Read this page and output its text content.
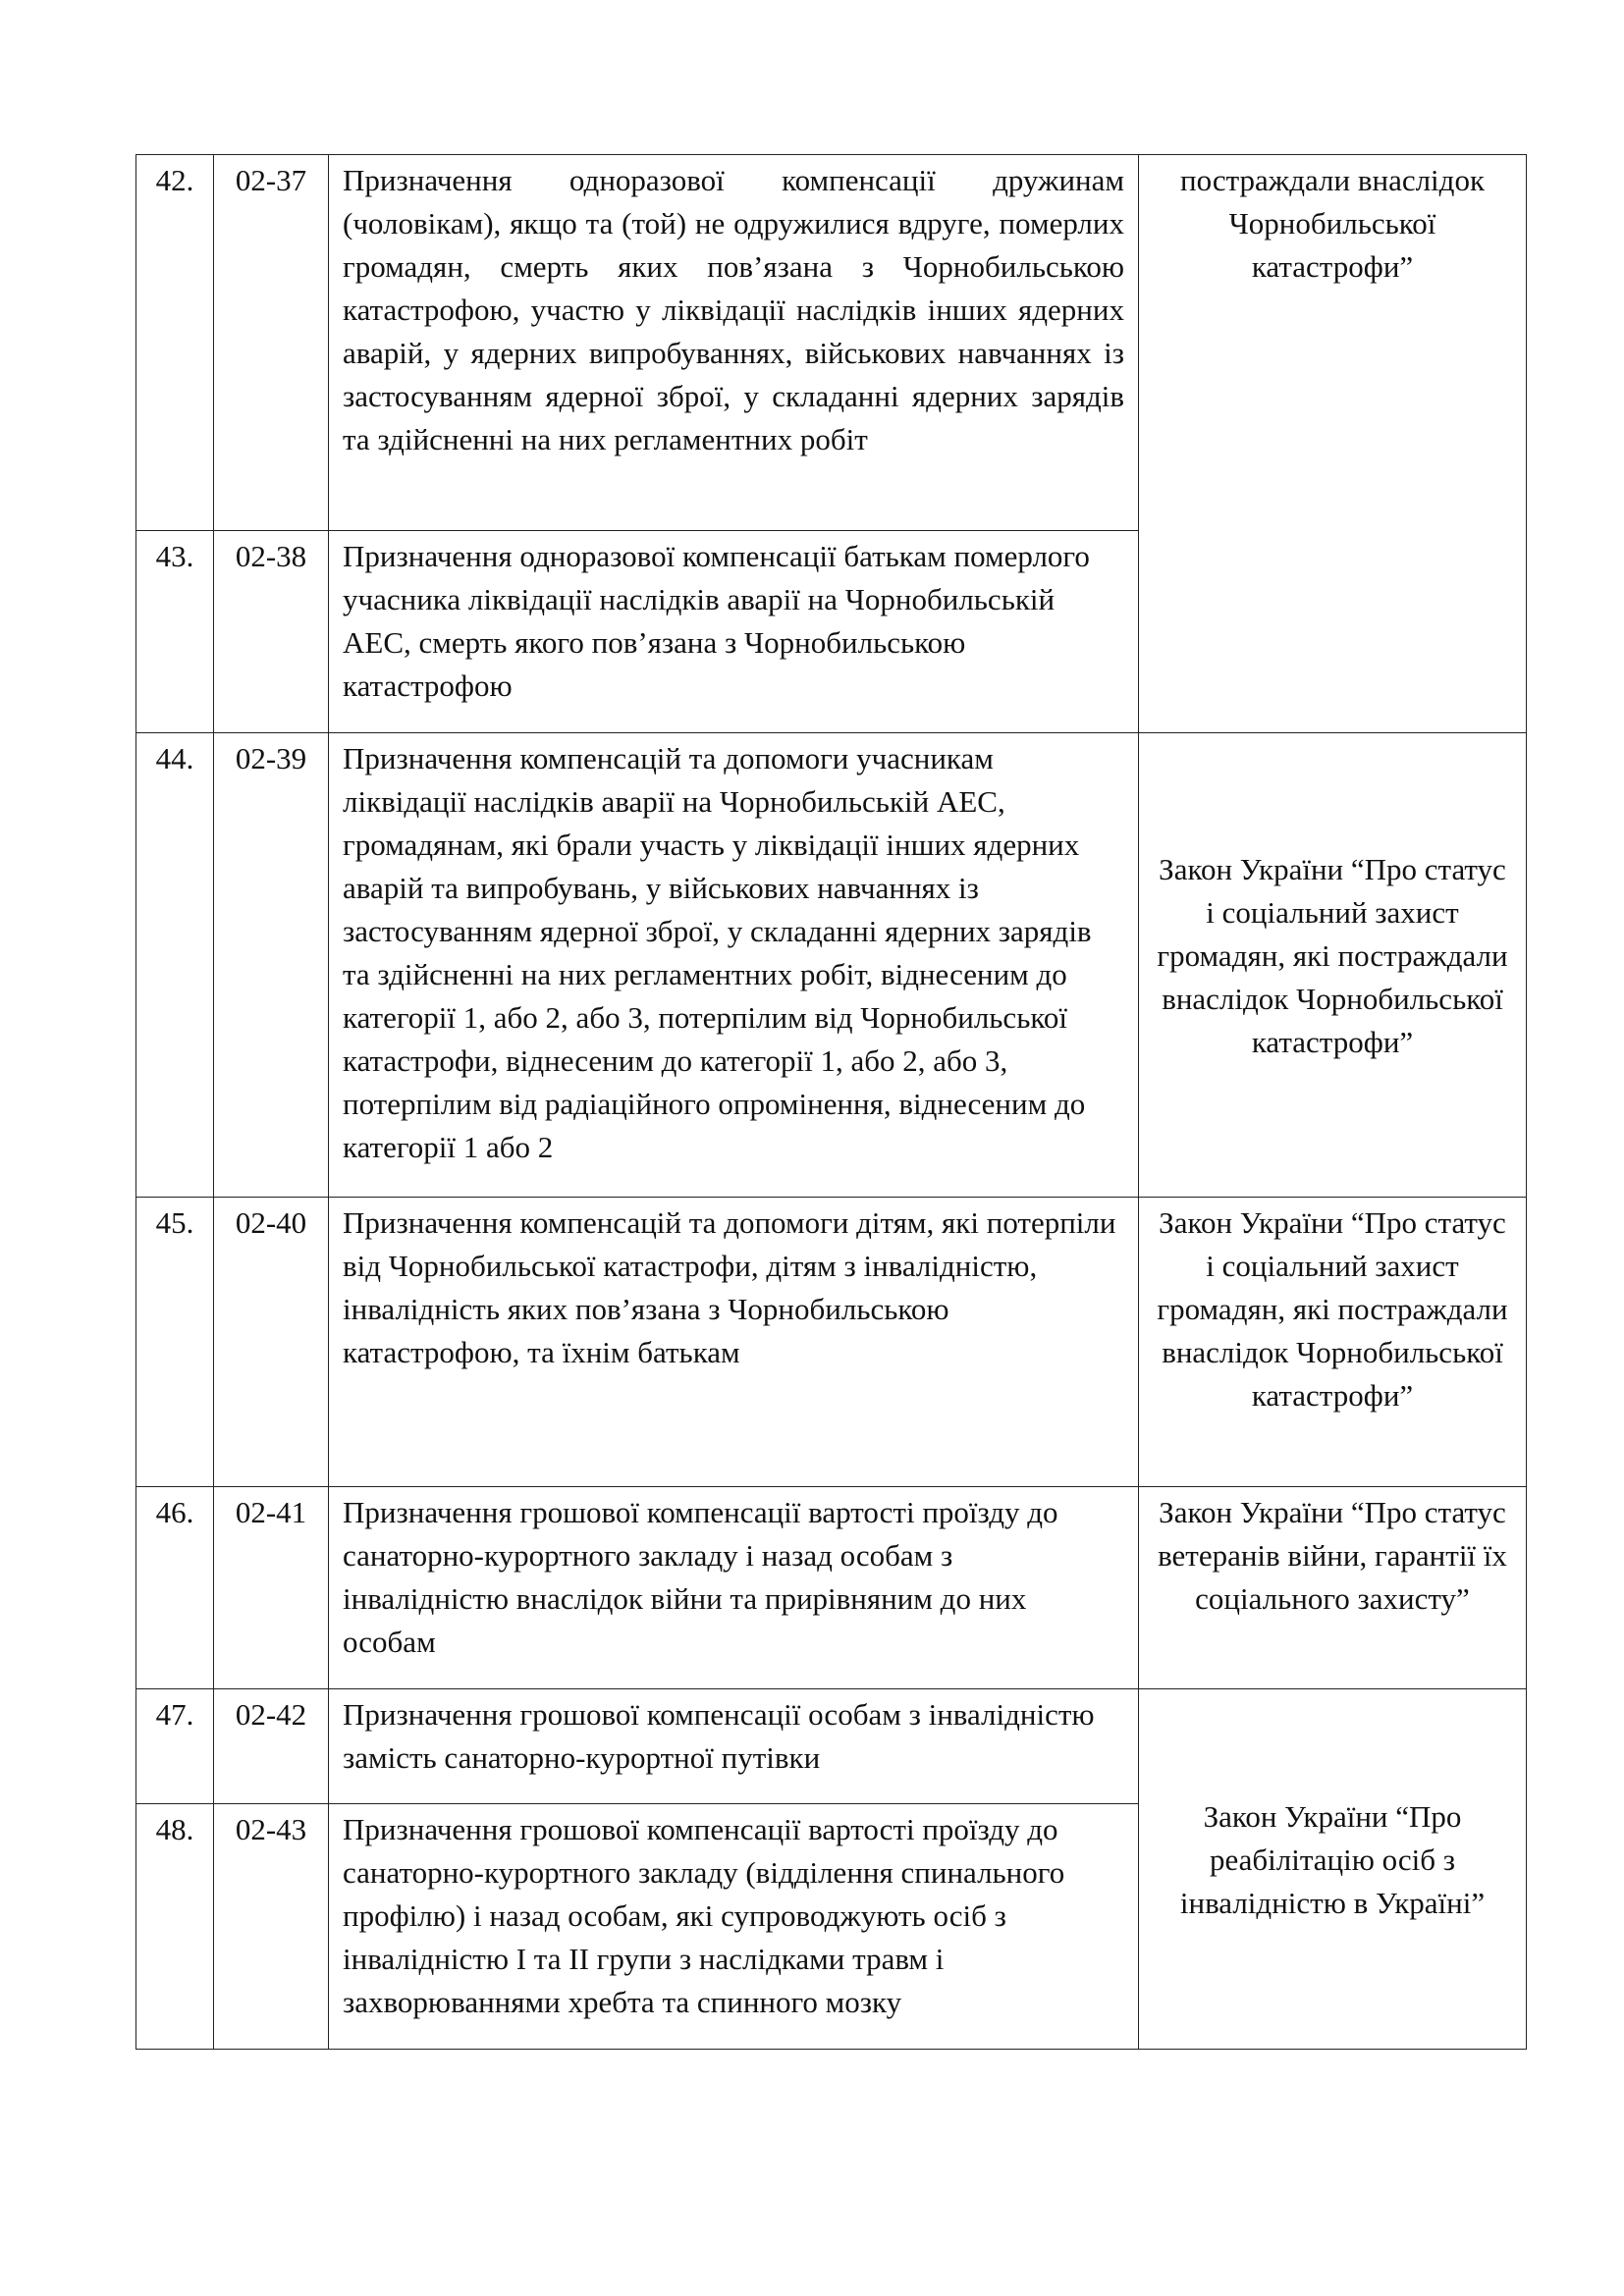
42.	02-37	Призначення одноразової компенсації дружинам (чоловікам), якщо та (той) не одружилися вдруге, померлих громадян, смерть яких пов’язана з Чорнобильською катастрофою, участю у ліквідації наслідків інших ядерних аварій, у ядерних випробуваннях, військових навчаннях із застосуванням ядерної зброї, у складанні ядерних зарядів та здійсненні на них регламентних робіт	постраждали внаслідок Чорнобильської катастрофи”
43.	02-38	Призначення одноразової компенсації батькам померлого учасника ліквідації наслідків аварії на Чорнобильській АЕС, смерть якого пов’язана з Чорнобильською катастрофою	
44.	02-39	Призначення компенсацій та допомоги учасникам ліквідації наслідків аварії на Чорнобильській АЕС, громадянам, які брали участь у ліквідації інших ядерних аварій та випробувань, у військових навчаннях із застосуванням ядерної зброї, у складанні ядерних зарядів та здійсненні на них регламентних робіт, віднесеним до категорії 1, або 2, або 3, потерпілим від Чорнобильської катастрофи, віднесеним до категорії 1, або 2, або 3, потерпілим від радіаційного опромінення, віднесеним до категорії 1 або 2	Закон України “Про статус і соціальний захист громадян, які постраждали внаслідок Чорнобильської катастрофи”
45.	02-40	Призначення компенсацій та допомоги дітям, які потерпіли від Чорнобильської катастрофи, дітям з інвалідністю, інвалідність яких пов’язана з Чорнобильською катастрофою, та їхнім батькам	Закон України “Про статус і соціальний захист громадян, які постраждали внаслідок Чорнобильської катастрофи”
46.	02-41	Призначення грошової компенсації вартості проїзду до санаторно-курортного закладу і назад особам з інвалідністю внаслідок війни та прирівняним до них особам	Закон України “Про статус ветеранів війни, гарантії їх соціального захисту”
47.	02-42	Призначення грошової компенсації особам з інвалідністю замість санаторно-курортної путівки	Закон України “Про реабілітацію осіб з інвалідністю в Україні”
48.	02-43	Призначення грошової компенсації вартості проїзду до санаторно-курортного закладу (відділення спинального профілю) і назад особам, які супроводжують осіб з інвалідністю I та II групи з наслідками травм і захворюваннями хребта та спинного мозку	
